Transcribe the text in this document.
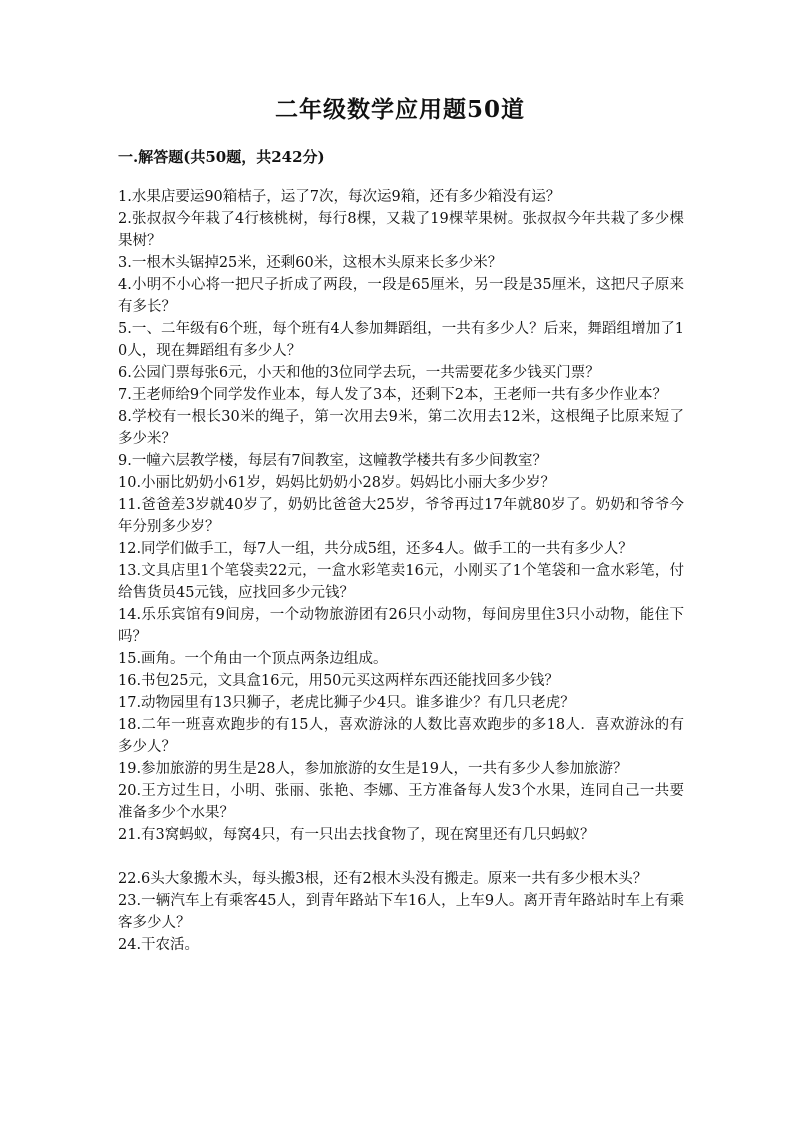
二年级数学应用题50道
一.解答题(共50题，共242分)
1.水果店要运90箱桔子，运了7次，每次运9箱，还有多少箱没有运？
2.张叔叔今年栽了4行核桃树，每行8棵，又栽了19棵苹果树。张叔叔今年共栽了多少棵果树？
3.一根木头锯掉25米，还剩60米，这根木头原来长多少米？
4.小明不小心将一把尺子折成了两段，一段是65厘米，另一段是35厘米，这把尺子原来有多长？
5.一、二年级有6个班，每个班有4人参加舞蹈组，一共有多少人？后来，舞蹈组增加了10人，现在舞蹈组有多少人？
6.公园门票每张6元，小天和他的3位同学去玩，一共需要花多少钱买门票？
7.王老师给9个同学发作业本，每人发了3本，还剩下2本，王老师一共有多少作业本？
8.学校有一根长30米的绳子，第一次用去9米，第二次用去12米，这根绳子比原来短了多少米？
9.一幢六层教学楼，每层有7间教室，这幢教学楼共有多少间教室？
10.小丽比奶奶小61岁，妈妈比奶奶小28岁。妈妈比小丽大多少岁？
11.爸爸差3岁就40岁了，奶奶比爸爸大25岁，爷爷再过17年就80岁了。奶奶和爷爷今年分别多少岁？
12.同学们做手工，每7人一组，共分成5组，还多4人。做手工的一共有多少人？
13.文具店里1个笔袋卖22元，一盒水彩笔卖16元，小刚买了1个笔袋和一盒水彩笔，付给售货员45元钱，应找回多少元钱？
14.乐乐宾馆有9间房，一个动物旅游团有26只小动物，每间房里住3只小动物，能住下吗？
15.画角。一个角由一个顶点两条边组成。
16.书包25元，文具盒16元，用50元买这两样东西还能找回多少钱？
17.动物园里有13只狮子，老虎比狮子少4只。谁多谁少？有几只老虎？
18.二年一班喜欢跑步的有15人，喜欢游泳的人数比喜欢跑步的多18人．喜欢游泳的有多少人？
19.参加旅游的男生是28人，参加旅游的女生是19人，一共有多少人参加旅游？
20.王方过生日，小明、张丽、张艳、李娜、王方准备每人发3个水果，连同自己一共要准备多少个水果？
21.有3窝蚂蚁，每窝4只，有一只出去找食物了，现在窝里还有几只蚂蚁？
22.6头大象搬木头，每头搬3根，还有2根木头没有搬走。原来一共有多少根木头？
23.一辆汽车上有乘客45人，到青年路站下车16人，上车9人。离开青年路站时车上有乘客多少人？
24.干农活。
